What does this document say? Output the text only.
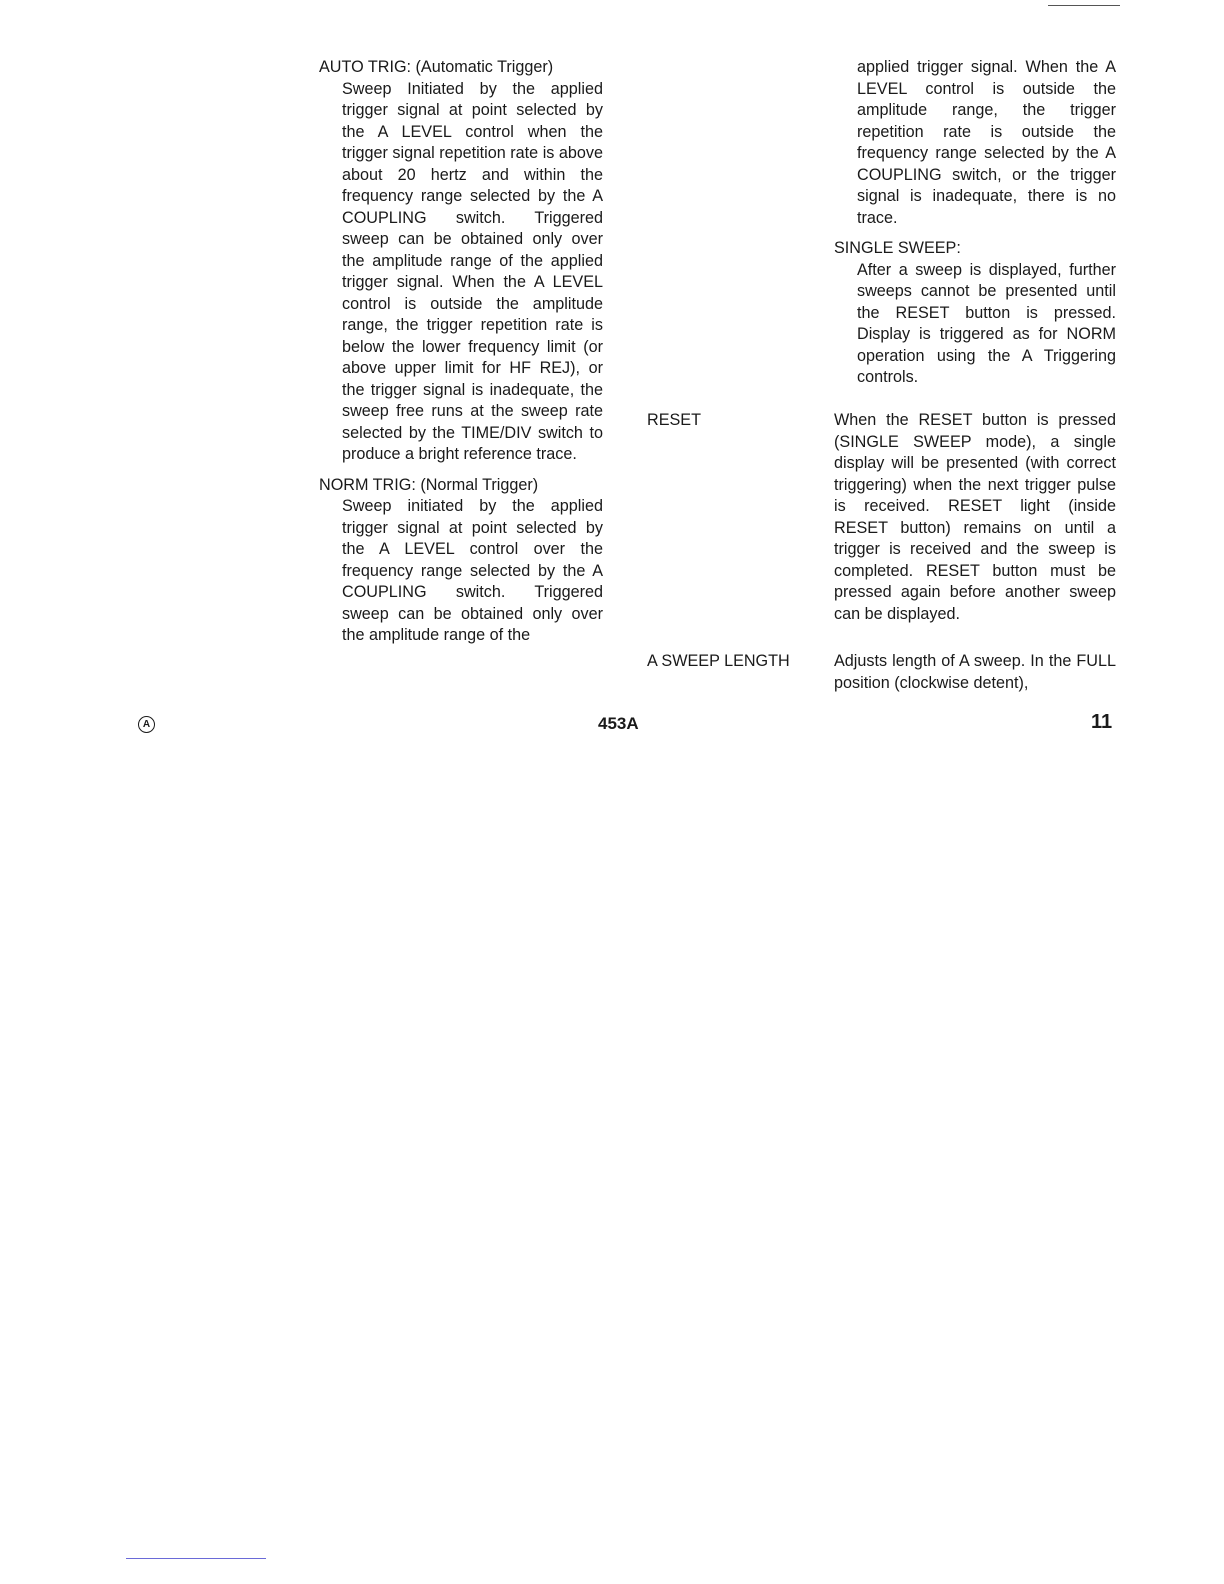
AUTO TRIG: (Automatic Trigger)

Sweep Initiated by the applied trigger signal at point selected by the A LEVEL control when the trigger signal repetition rate is above about 20 hertz and within the frequency range selected by the A COUPLING switch. Triggered sweep can be obtained only over the amplitude range of the applied trigger signal. When the A LEVEL control is outside the amplitude range, the trigger repetition rate is below the lower frequency limit (or above upper limit for HF REJ), or the trigger signal is inadequate, the sweep free runs at the sweep rate selected by the TIME/DIV switch to produce a bright reference trace.

NORM TRIG: (Normal Trigger)

Sweep initiated by the applied trigger signal at point selected by the A LEVEL control over the frequency range selected by the A COUPLING switch. Triggered sweep can be obtained only over the amplitude range of the

applied trigger signal. When the A LEVEL control is outside the amplitude range, the trigger repetition rate is outside the frequency range selected by the A COUPLING switch, or the trigger signal is inadequate, there is no trace.

SINGLE SWEEP:

After a sweep is displayed, further sweeps cannot be presented until the RESET button is pressed. Display is triggered as for NORM operation using the A Triggering controls.

RESET	When the RESET button is pressed (SINGLE SWEEP mode), a single display will be presented (with correct triggering) when the next trigger pulse is received. RESET light (inside RESET button) remains on until a trigger is received and the sweep is completed. RESET button must be pressed again before another sweep can be displayed.
A SWEEP LENGTH	Adjusts length of A sweep. In the FULL position (clockwise detent),
A	453A	11
